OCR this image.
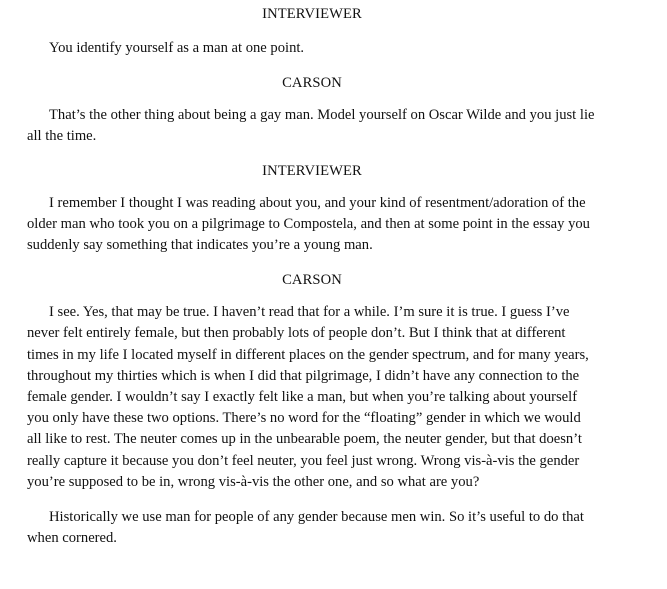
INTERVIEWER

You identify yourself as a man at one point.

CARSON

That’s the other thing about being a gay man. Model yourself on Oscar Wilde and you just lie all the time.

INTERVIEWER

I remember I thought I was reading about you, and your kind of resentment/adoration of the older man who took you on a pilgrimage to Compostela, and then at some point in the essay you suddenly say something that indicates you’re a young man.

CARSON

I see. Yes, that may be true. I haven’t read that for a while. I’m sure it is true. I guess I’ve never felt entirely female, but then probably lots of people don’t. But I think that at different times in my life I located myself in different places on the gender spectrum, and for many years, throughout my thirties which is when I did that pilgrimage, I didn’t have any connection to the female gender. I wouldn’t say I exactly felt like a man, but when you’re talking about yourself you only have these two options. There’s no word for the “floating” gender in which we would all like to rest. The neuter comes up in the unbearable poem, the neuter gender, but that doesn’t really capture it because you don’t feel neuter, you feel just wrong. Wrong vis-à-vis the gender you’re supposed to be in, wrong vis-à-vis the other one, and so what are you?

Historically we use man for people of any gender because men win. So it’s useful to do that when cornered.
